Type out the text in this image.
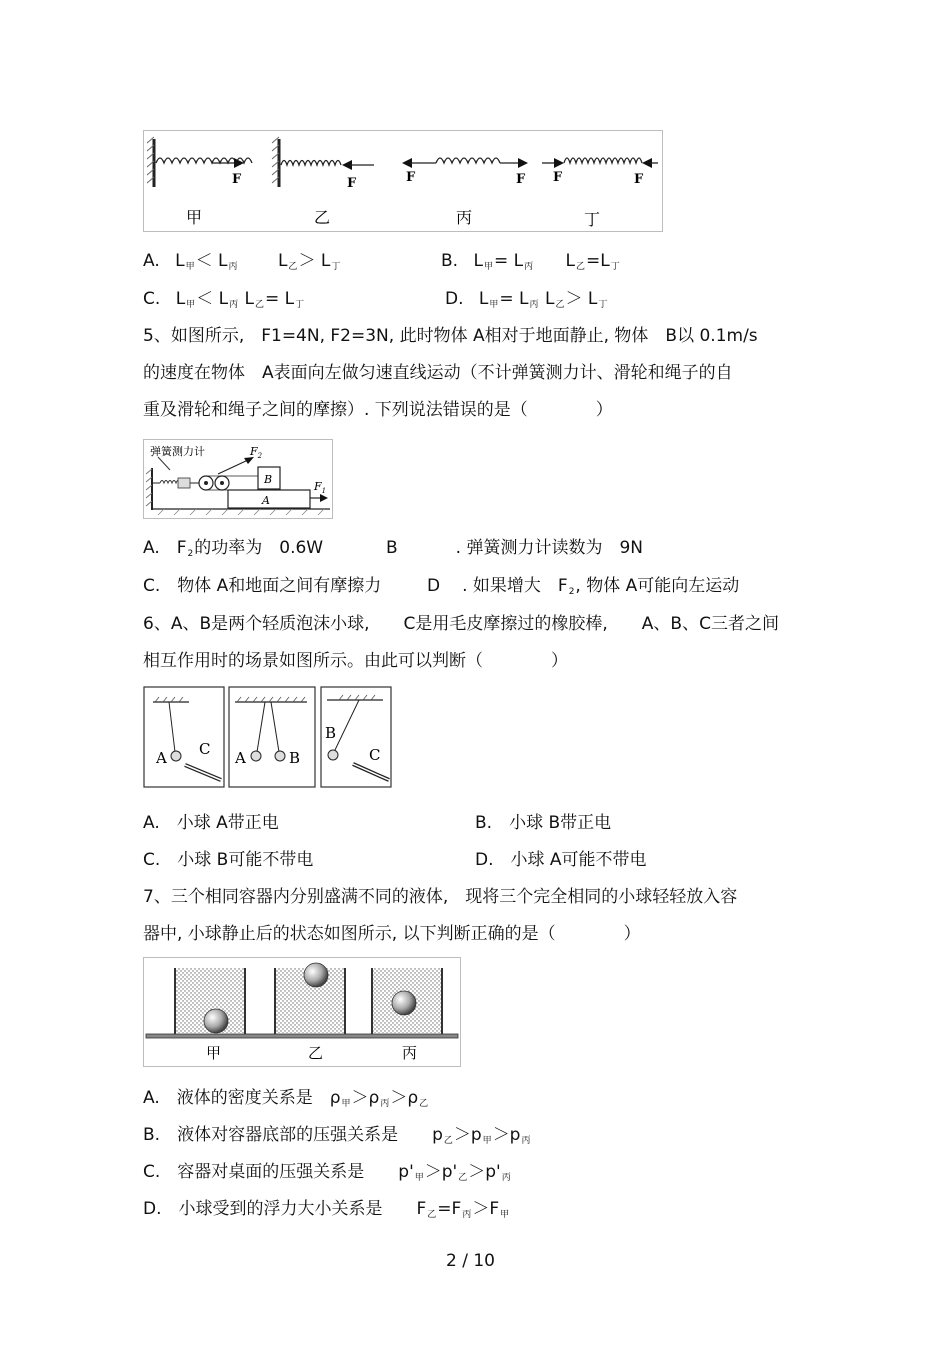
F	F	F	F F	F
甲	乙	丙	丁
A. L甲＜ L丙 L乙＞ L丁	B. L甲= L丙 L乙=L丁
C. L甲＜ L丙 L乙= L丁	D. L甲= L丙 L乙＞ L丁
5、如图所示,　F1=4N, F2=3N, 此时物体 A相对于地面静止, 物体　B以 0.1m/s
的速度在物体　A表面向左做匀速直线运动（不计弹簧测力计、滑轮和绳子的自
重及滑轮和绳子之间的摩擦）. 下列说法错误的是（　　　　）
弹簧测力计	$F_2$
B
A
$F_1$
A.　F2的功率为　0.6W	B	. 弹簧测力计读数为　9N
C.　物体 A和地面之间有摩擦力	D . 如果增大　F2, 物体 A可能向左运动
6、A、B是两个轻质泡沫小球,　　C是用毛皮摩擦过的橡胶棒,　　A、B、C三者之间
相互作用时的场景如图所示。由此可以判断（　　　　）
A C A	B
B
C
A.　小球 A带正电	B.　小球 B带正电
C.　小球 B可能不带电	D.　小球 A可能不带电
7、三个相同容器内分别盛满不同的液体,　现将三个完全相同的小球轻轻放入容
器中, 小球静止后的状态如图所示, 以下判断正确的是（　　　　）
甲	乙	丙
A.　液体的密度关系是　ρ甲＞ρ丙＞ρ乙
B.　液体对容器底部的压强关系是　　p乙＞p甲＞p丙
C.　容器对桌面的压强关系是　　p'甲＞p'乙＞p'丙
D.　小球受到的浮力大小关系是　　F乙=F丙＞F甲
2 / 10
